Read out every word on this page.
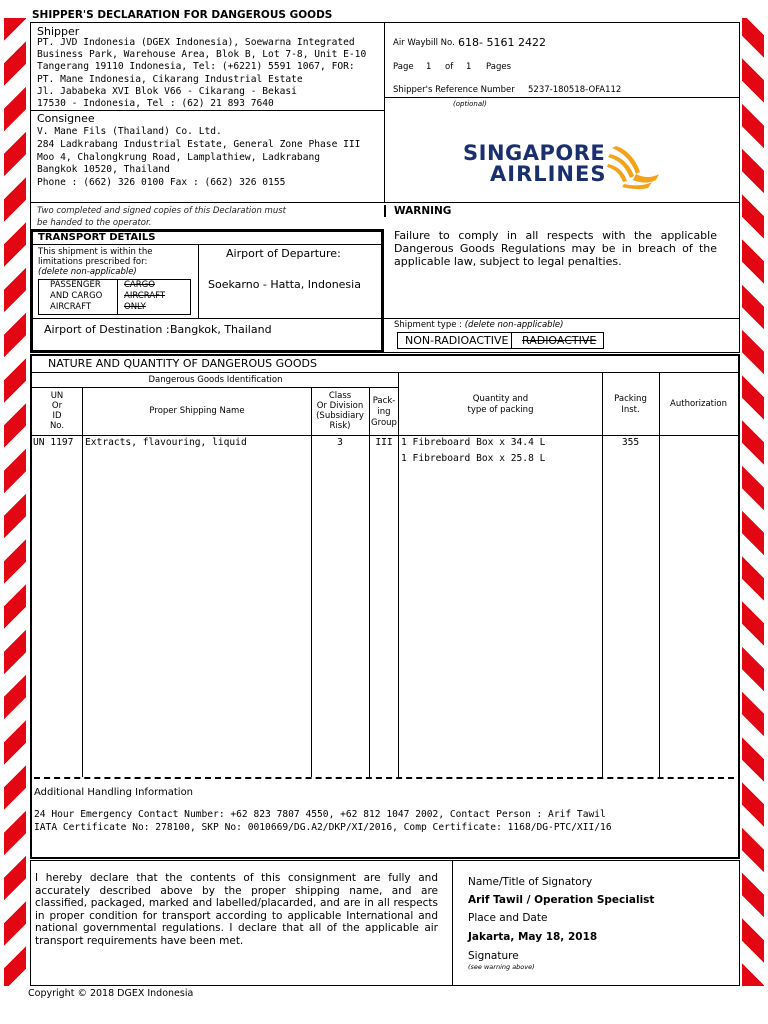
SHIPPER'S DECLARATION FOR DANGEROUS GOODS
Shipper
PT. JVD Indonesia (DGEX Indonesia), Soewarna Integrated
Business Park, Warehouse Area, Blok B, Lot 7-8, Unit E-10
Tangerang 19110 Indonesia, Tel: (+6221) 5591 1067, FOR:
PT. Mane Indonesia, Cikarang Industrial Estate
Jl. Jababeka XVI Blok V66 - Cikarang - Bekasi
17530 - Indonesia, Tel : (62) 21 893 7640
Air Waybill No. 618- 5161 2422
Page 1 of 1 Pages
Shipper's Reference Number 5237-180518-OFA112
(optional)
Consignee
V. Mane Fils (Thailand) Co. Ltd.
284 Ladkrabang Industrial Estate, General Zone Phase III
Moo 4, Chalongkrung Road, Lamplathiew, Ladkrabang
Bangkok 10520, Thailand
Phone : (662) 326 0100 Fax : (662) 326 0155
SINGAPORE
AIRLINES
Two completed and signed copies of this Declaration must
be handed to the operator.
TRANSPORT DETAILS
This shipment is within the
limitations prescribed for:
(delete non-applicable)
PASSENGER
AND CARGO
AIRCRAFT
CARGO
AIRCRAFT
ONLY
Airport of Departure:
Soekarno - Hatta, Indonesia
Airport of Destination : Bangkok, Thailand
WARNING
Failure to comply in all respects with the applicable Dangerous Goods Regulations may be in breach of the applicable law, subject to legal penalties.
Shipment type : (delete non-applicable)
NON-RADIOACTIVE RADIOACTIVE
NATURE AND QUANTITY OF DANGEROUS GOODS
Dangerous Goods Identification
UN
Or
ID
No.
Proper Shipping Name
Class
Or Division
(Subsidiary
Risk)
Pack-
ing
Group
Quantity and
type of packing
Packing
Inst.
Authorization
UN 1197 Extracts, flavouring, liquid	3	III 1 Fibreboard Box x 34.4 L
1 Fibreboard Box x 25.8 L
355
Additional Handling Information
24 Hour Emergency Contact Number: +62 823 7807 4550, +62 812 1047 2002, Contact Person : Arif Tawil
IATA Certificate No: 278100, SKP No: 0010669/DG.A2/DKP/XI/2016, Comp Certificate: 1168/DG-PTC/XII/16
I hereby declare that the contents of this consignment are fully and accurately described above by the proper shipping name, and are classified, packaged, marked and labelled/placarded, and are in all respects in proper condition for transport according to applicable International and national governmental regulations. I declare that all of the applicable air transport requirements have been met.
Name/Title of Signatory
Arif Tawil / Operation Specialist
Place and Date
Jakarta, May 18, 2018
Signature
(see warning above)
Copyright © 2018 DGEX Indonesia
